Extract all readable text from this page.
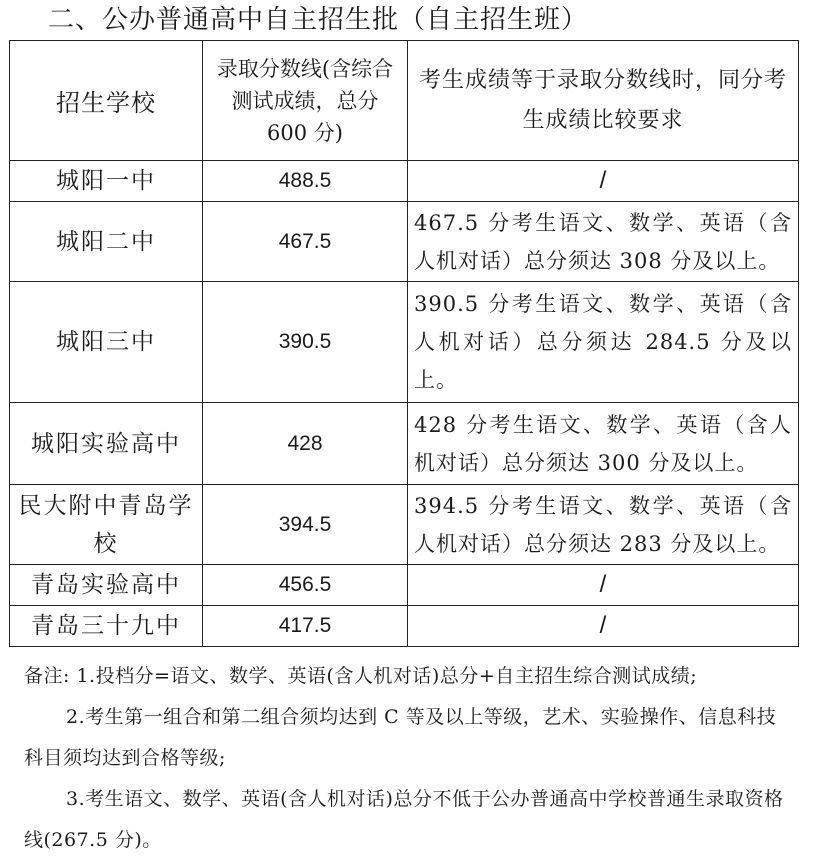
二、公办普通高中自主招生批（自主招生班）
招生学校	录取分数线(含综合测试成绩，总分 600 分)	考生成绩等于录取分数线时，同分考生成绩比较要求
城阳一中	488.5	/
城阳二中	467.5	467.5 分考生语文、数学、英语（含人机对话）总分须达 308 分及以上。
城阳三中	390.5	390.5 分考生语文、数学、英语（含人机对话）总分须达 284.5 分及以上。
城阳实验高中	428	428 分考生语文、数学、英语（含人机对话）总分须达 300 分及以上。
民大附中青岛学校	394.5	394.5 分考生语文、数学、英语（含人机对话）总分须达 283 分及以上。
青岛实验高中	456.5	/
青岛三十九中	417.5	/

备注: 1.投档分=语文、数学、英语(含人机对话)总分+自主招生综合测试成绩;

2.考生第一组合和第二组合须均达到 C 等及以上等级，艺术、实验操作、信息科技科目须均达到合格等级;

3.考生语文、数学、英语(含人机对话)总分不低于公办普通高中学校普通生录取资格线(267.5 分)。
